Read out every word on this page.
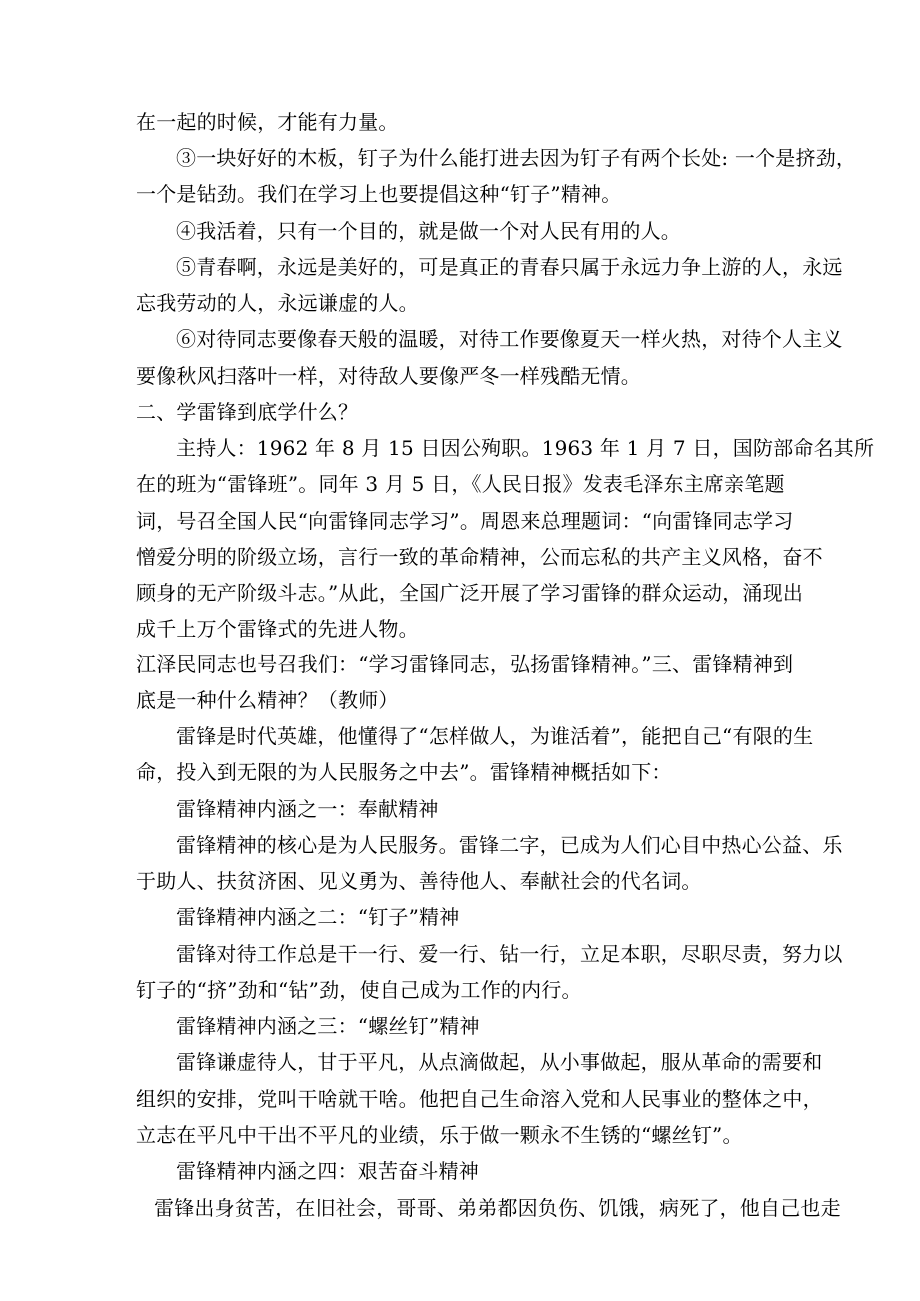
在一起的时候，才能有力量。
③一块好好的木板，钉子为什么能打进去因为钉子有两个长处: 一个是挤劲，
一个是钻劲。我们在学习上也要提倡这种“钉子”精神。
④我活着，只有一个目的，就是做一个对人民有用的人。
⑤青春啊，永远是美好的，可是真正的青春只属于永远力争上游的人，永远
忘我劳动的人，永远谦虚的人。
⑥对待同志要像春天般的温暖，对待工作要像夏天一样火热，对待个人主义
要像秋风扫落叶一样，对待敌人要像严冬一样残酷无情。
二、学雷锋到底学什么？
主持人：1962 年 8 月 15 日因公殉职。1963 年 1 月 7 日，国防部命名其所
在的班为“雷锋班”。同年 3 月 5 日，《人民日报》发表毛泽东主席亲笔题
词，号召全国人民“向雷锋同志学习”。周恩来总理题词：“向雷锋同志学习
憎爱分明的阶级立场，言行一致的革命精神，公而忘私的共产主义风格，奋不
顾身的无产阶级斗志。”从此，全国广泛开展了学习雷锋的群众运动，涌现出
成千上万个雷锋式的先进人物。
江泽民同志也号召我们：“学习雷锋同志，弘扬雷锋精神。”三、雷锋精神到
底是一种什么精神？（教师）
雷锋是时代英雄，他懂得了“怎样做人，为谁活着”，能把自己“有限的生
命，投入到无限的为人民服务之中去”。雷锋精神概括如下：
雷锋精神内涵之一：奉献精神
雷锋精神的核心是为人民服务。雷锋二字，已成为人们心目中热心公益、乐
于助人、扶贫济困、见义勇为、善待他人、奉献社会的代名词。
雷锋精神内涵之二：“钉子”精神
雷锋对待工作总是干一行、爱一行、钻一行，立足本职，尽职尽责，努力以
钉子的“挤”劲和“钻”劲，使自己成为工作的内行。
雷锋精神内涵之三：“螺丝钉”精神
雷锋谦虚待人，甘于平凡，从点滴做起，从小事做起，服从革命的需要和
组织的安排，党叫干啥就干啥。他把自己生命溶入党和人民事业的整体之中，
立志在平凡中干出不平凡的业绩，乐于做一颗永不生锈的“螺丝钉”。
雷锋精神内涵之四：艰苦奋斗精神
雷锋出身贫苦，在旧社会，哥哥、弟弟都因负伤、饥饿，病死了，他自己也走
